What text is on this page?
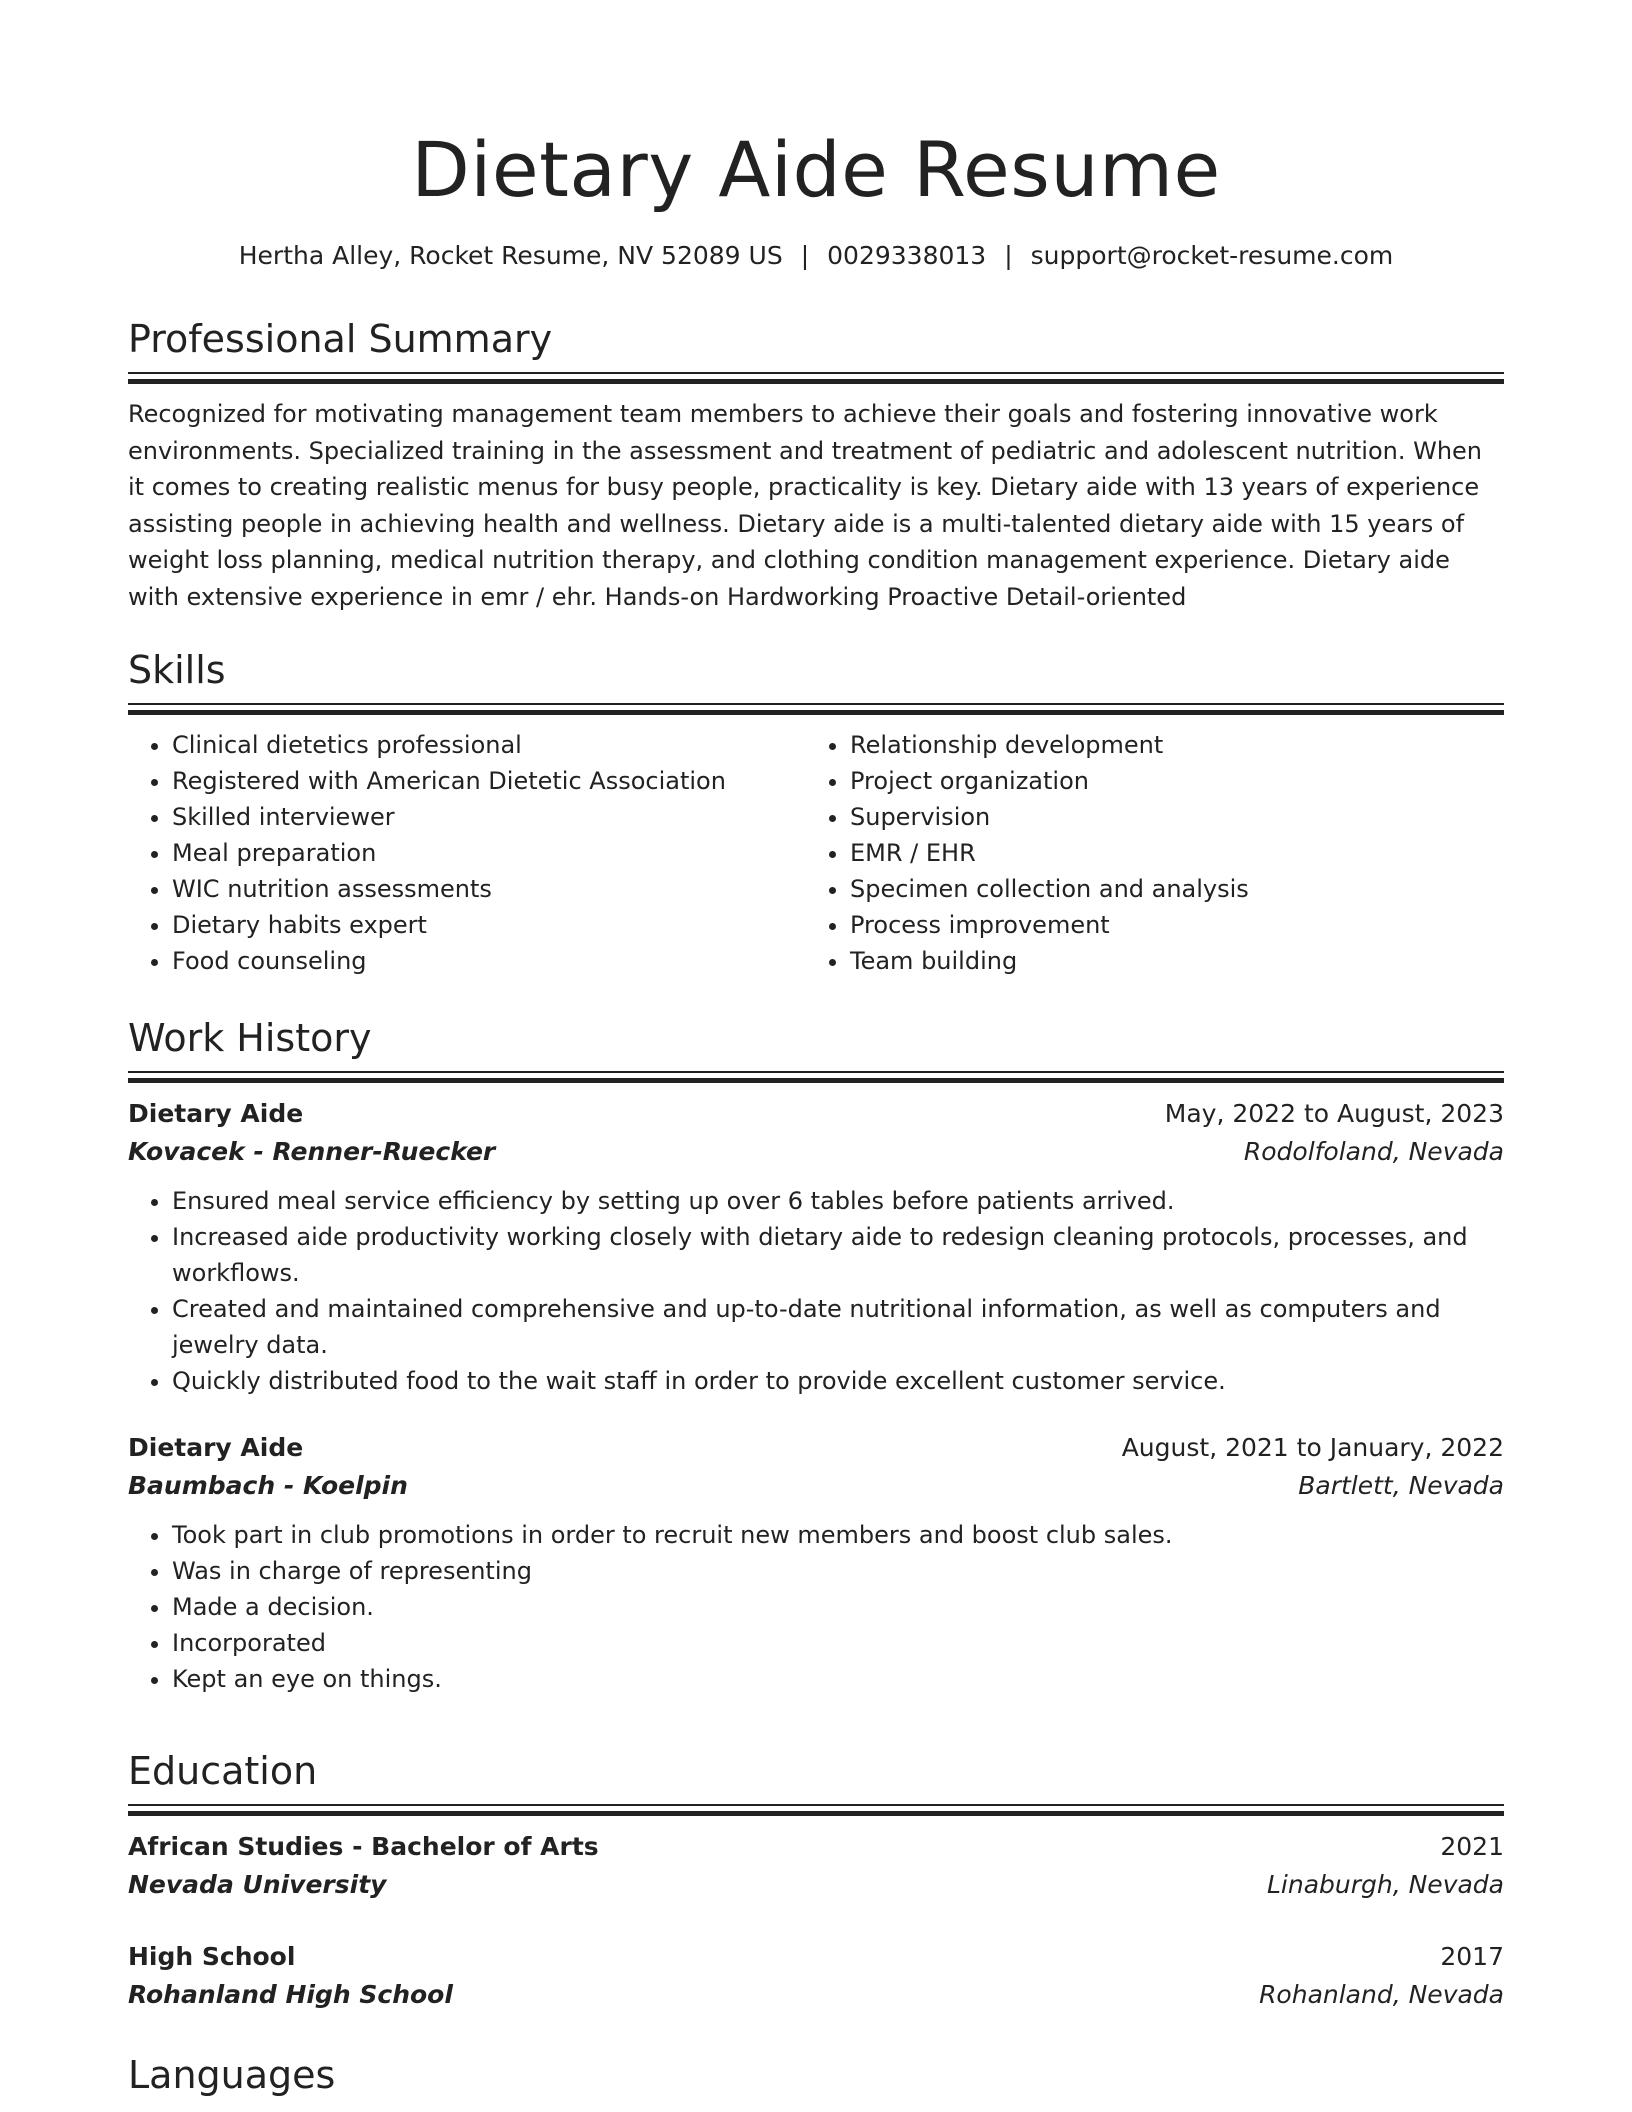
Dietary Aide Resume
Hertha Alley, Rocket Resume, NV 52089 US | 0029338013 | support@rocket-resume.com
Professional Summary

Recognized for motivating management team members to achieve their goals and fostering innovative work environments. Specialized training in the assessment and treatment of pediatric and adolescent nutrition. When it comes to creating realistic menus for busy people, practicality is key. Dietary aide with 13 years of experience assisting people in achieving health and wellness. Dietary aide is a multi-talented dietary aide with 15 years of weight loss planning, medical nutrition therapy, and clothing condition management experience. Dietary aide with extensive experience in emr / ehr. Hands-on Hardworking Proactive Detail-oriented

Skills
• Clinical dietetics professional
• Registered with American Dietetic Association
• Skilled interviewer
• Meal preparation
• WIC nutrition assessments
• Dietary habits expert
• Food counseling
• Relationship development
• Project organization
• Supervision
• EMR / EHR
• Specimen collection and analysis
• Process improvement
• Team building
Work History
Dietary Aide	May, 2022 to August, 2023
Kovacek - Renner-Ruecker	Rodolfoland, Nevada
• Ensured meal service efficiency by setting up over 6 tables before patients arrived.
• Increased aide productivity working closely with dietary aide to redesign cleaning protocols, processes, and workflows.
• Created and maintained comprehensive and up-to-date nutritional information, as well as computers and jewelry data.
• Quickly distributed food to the wait staff in order to provide excellent customer service.
Dietary Aide	August, 2021 to January, 2022
Baumbach - Koelpin	Bartlett, Nevada
• Took part in club promotions in order to recruit new members and boost club sales.
• Was in charge of representing
• Made a decision.
• Incorporated
• Kept an eye on things.
Education
African Studies - Bachelor of Arts	2021
Nevada University	Linaburgh, Nevada
High School	2017
Rohanland High School	Rohanland, Nevada
Languages
